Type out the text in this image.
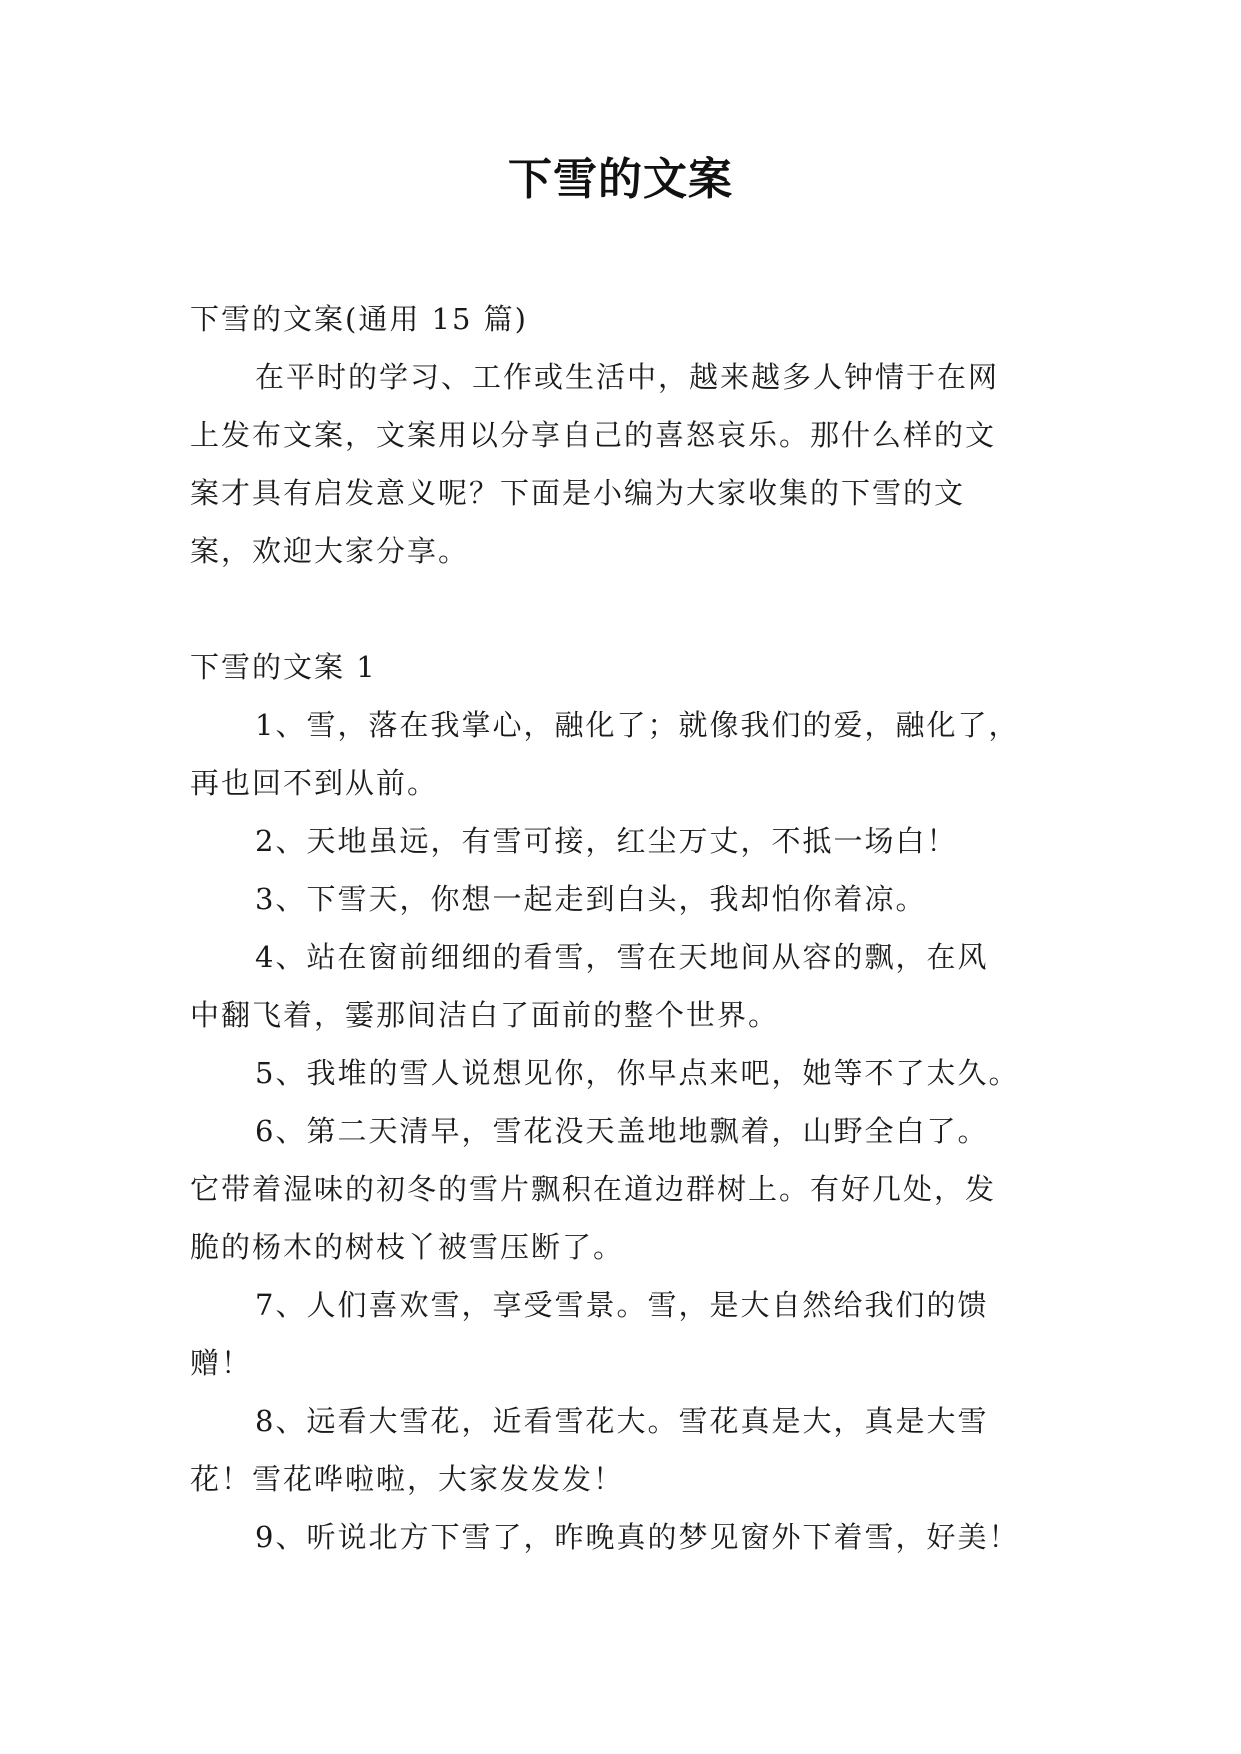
下雪的文案
下雪的文案(通用 15 篇)
在平时的学习、工作或生活中，越来越多人钟情于在网
上发布文案，文案用以分享自己的喜怒哀乐。那什么样的文
案才具有启发意义呢？下面是小编为大家收集的下雪的文
案，欢迎大家分享。
下雪的文案 1
1、雪，落在我掌心，融化了；就像我们的爱，融化了，
再也回不到从前。
2、天地虽远，有雪可接，红尘万丈，不抵一场白！
3、下雪天，你想一起走到白头，我却怕你着凉。
4、站在窗前细细的看雪，雪在天地间从容的飘，在风
中翻飞着，霎那间洁白了面前的整个世界。
5、我堆的雪人说想见你，你早点来吧，她等不了太久。
6、第二天清早，雪花没天盖地地飘着，山野全白了。
它带着湿味的初冬的雪片飘积在道边群树上。有好几处，发
脆的杨木的树枝丫被雪压断了。
7、人们喜欢雪，享受雪景。雪，是大自然给我们的馈
赠！
8、远看大雪花，近看雪花大。雪花真是大，真是大雪
花！雪花哗啦啦，大家发发发！
9、听说北方下雪了，昨晚真的梦见窗外下着雪，好美！
